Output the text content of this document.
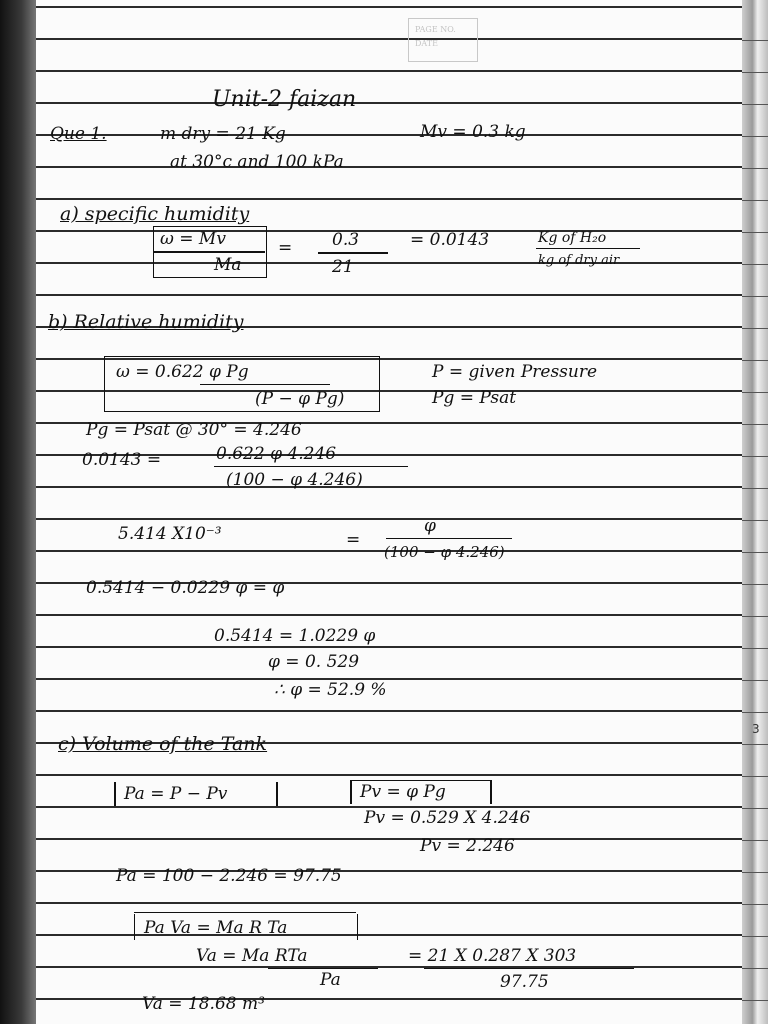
PAGE NO.
DATE
Unit-2 faizan
Que 1.	m dry = 21 Kg	Mv = 0.3 kg
at 30°c and 100 kPa
a) specific humidity
ω = Mv
Ma
= 0.3
21
= 0.0143	Kg of H₂o
kg of dry air
b) Relative humidity
ω = 0.622 φ Pg
(P − φ Pg)
P = given Pressure
Pg = Psat
Pg = Psat @ 30° = 4.246
0.0143 =	0.622 φ 4.246
(100 − φ 4.246)
5.414 X10⁻³	=
φ
(100 − φ 4.246)
0.5414 − 0.0229 φ = φ
0.5414 = 1.0229 φ
φ = 0. 529
∴ φ = 52.9 %
c) Volume of the Tank
Pa = P − Pv	Pv = φ Pg
Pv = 0.529 X 4.246
Pv = 2.246
Pa = 100 − 2.246 = 97.75
Pa Va = Ma R Ta
Va = Ma RTa
Pa
= 21 X 0.287 X 303
97.75
Va = 18.68 m³
3
